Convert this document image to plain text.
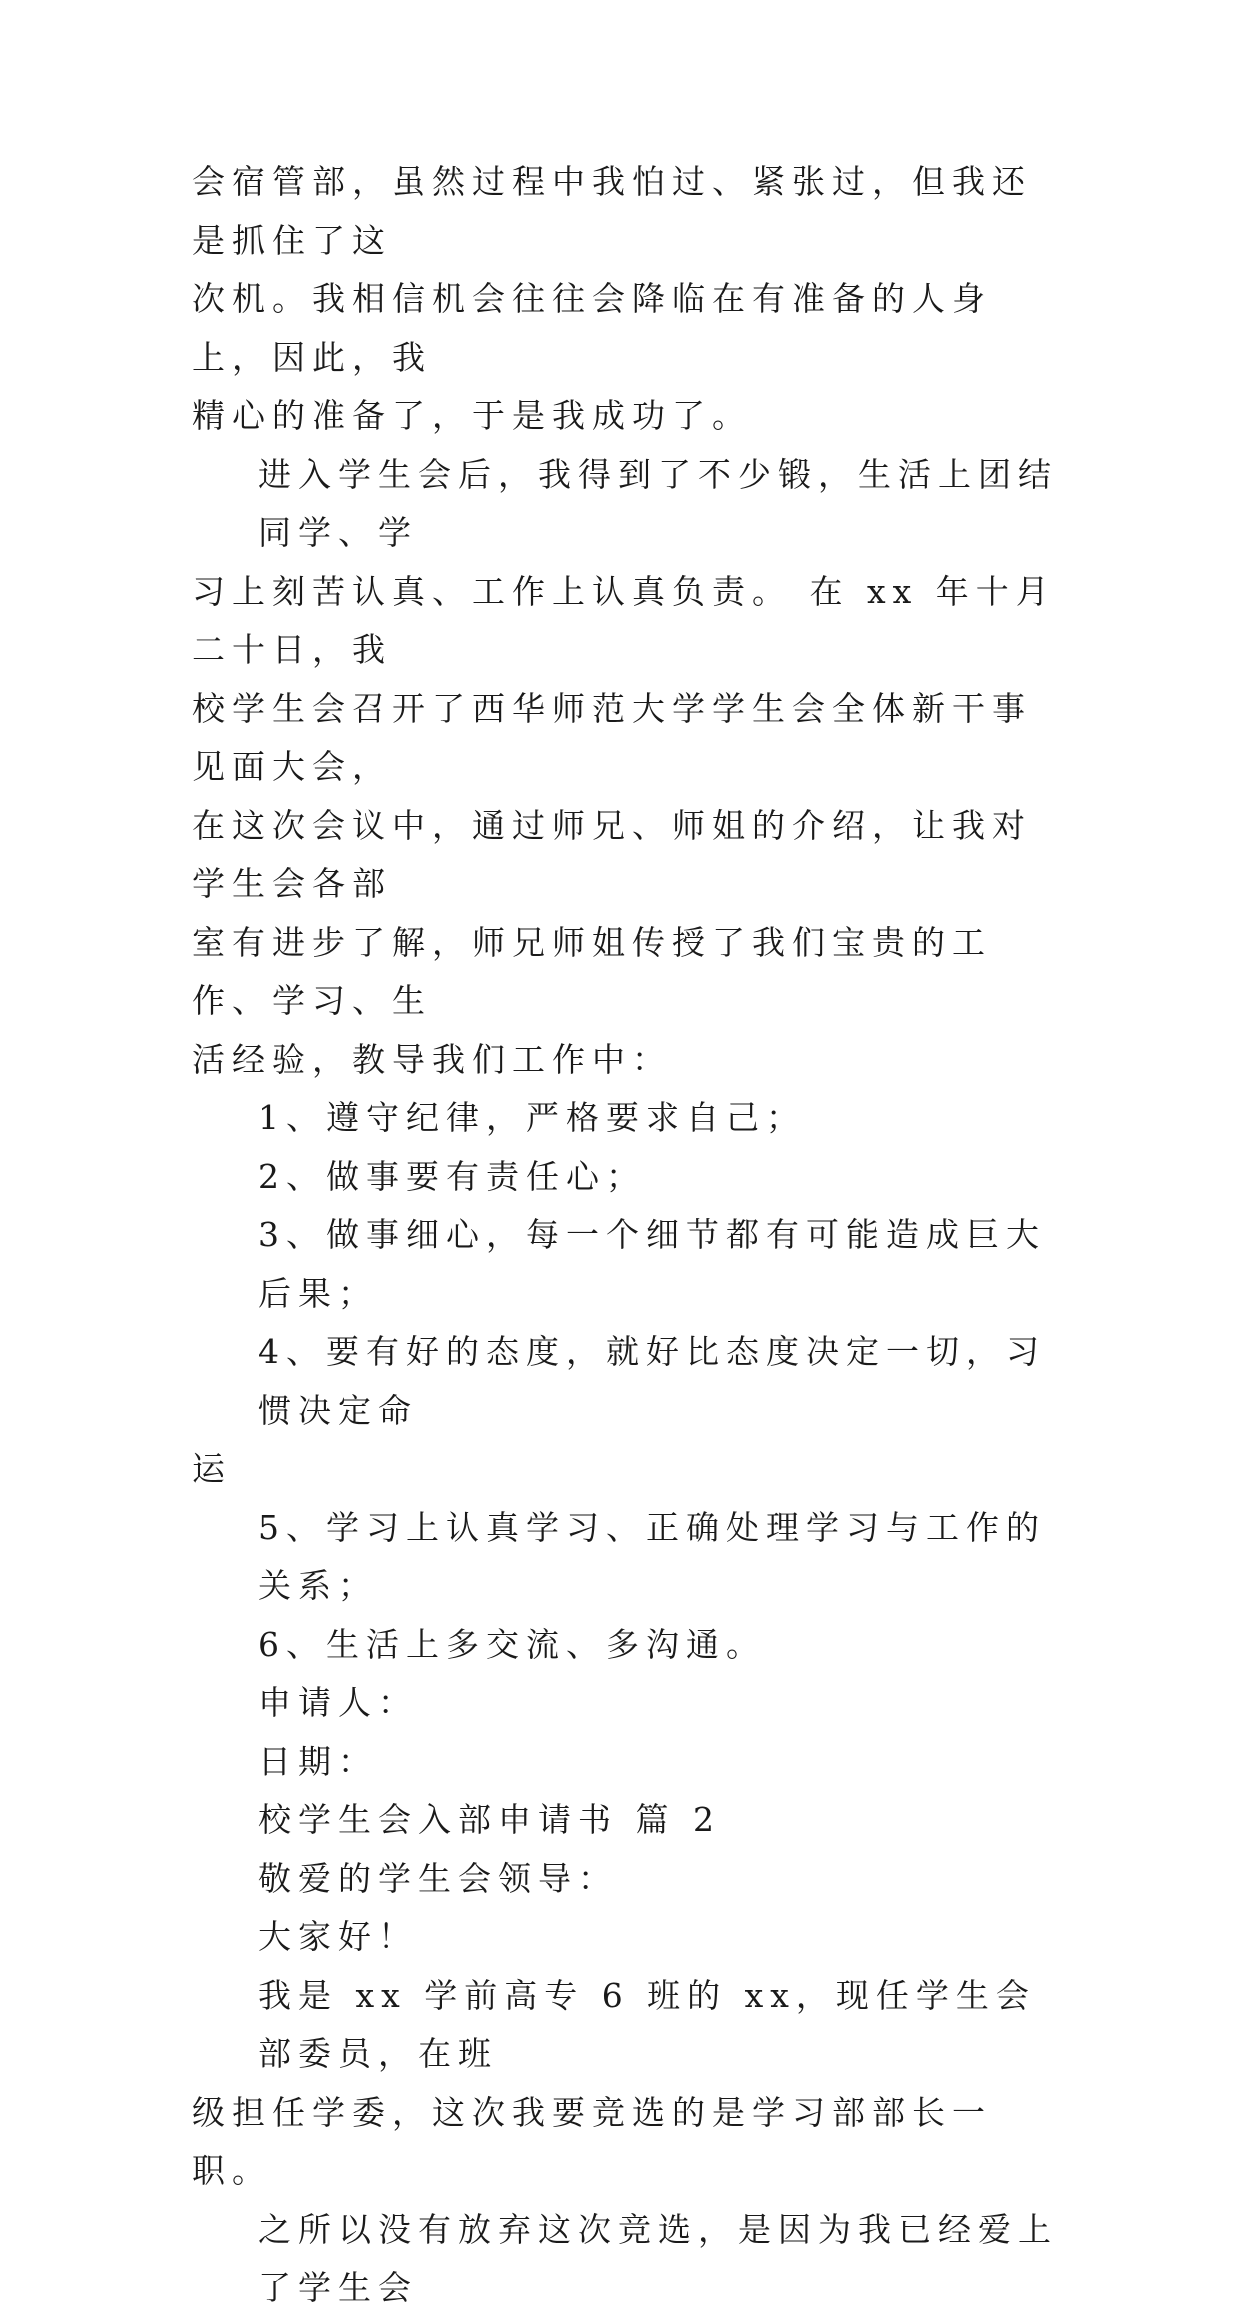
会宿管部，虽然过程中我怕过、紧张过，但我还是抓住了这
次机。我相信机会往往会降临在有准备的人身上，因此，我
精心的准备了，于是我成功了。
进入学生会后，我得到了不少锻，生活上团结同学、学
习上刻苦认真、工作上认真负责。 在 xx 年十月二十日，我
校学生会召开了西华师范大学学生会全体新干事见面大会，
在这次会议中，通过师兄、师姐的介绍，让我对学生会各部
室有进步了解，师兄师姐传授了我们宝贵的工作、学习、生
活经验，教导我们工作中：
1、遵守纪律，严格要求自己；
2、做事要有责任心；
3、做事细心，每一个细节都有可能造成巨大后果；
4、要有好的态度，就好比态度决定一切，习惯决定命
运
5、学习上认真学习、正确处理学习与工作的关系；
6、生活上多交流、多沟通。
申请人：
日期：
校学生会入部申请书 篇 2
敬爱的学生会领导：
大家好！
我是 xx 学前高专 6 班的 xx，现任学生会部委员，在班
级担任学委，这次我要竞选的是学习部部长一职。
之所以没有放弃这次竞选，是因为我已经爱上了学生会
